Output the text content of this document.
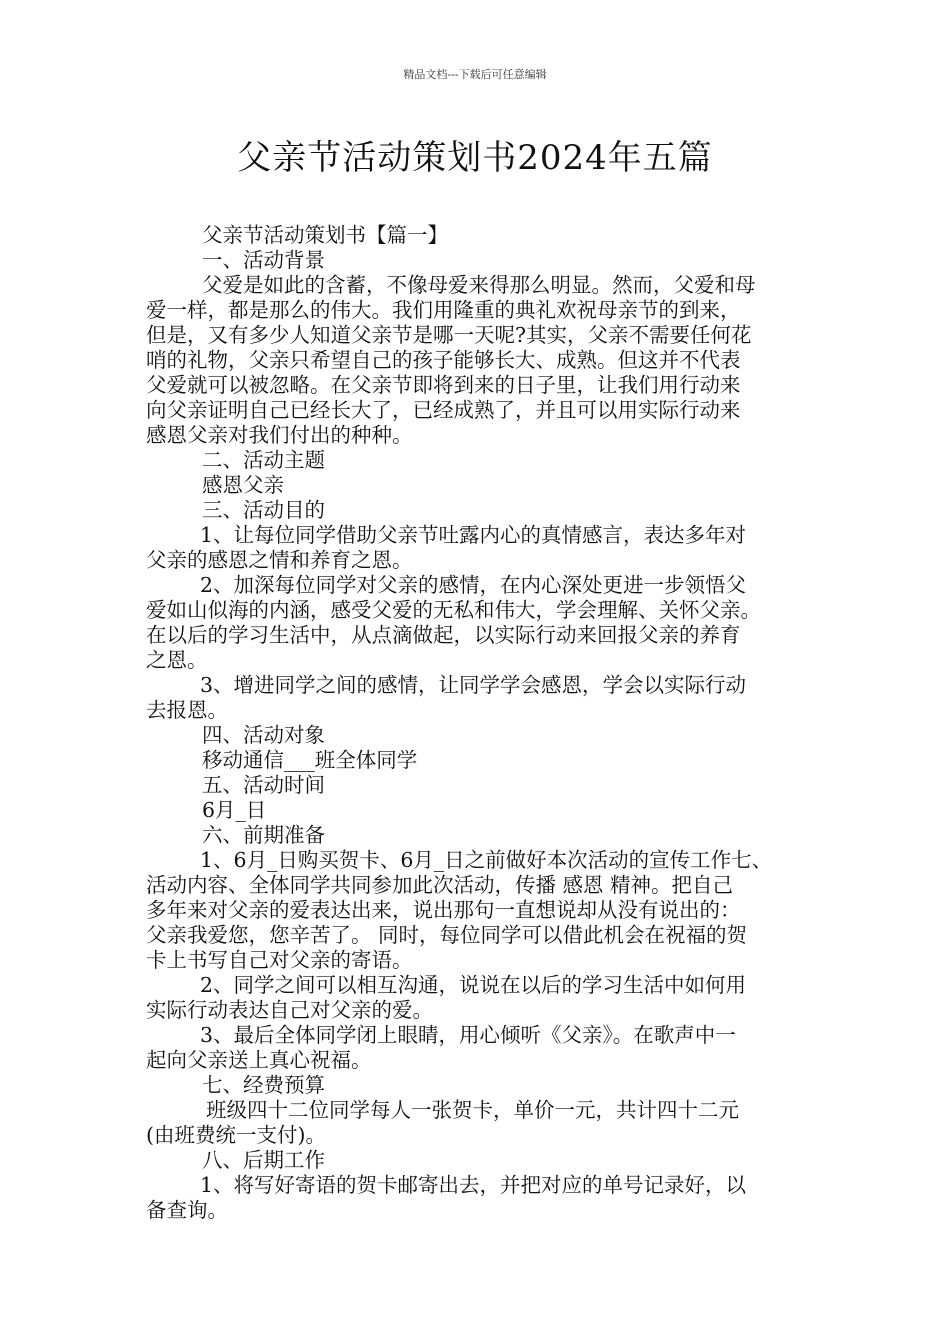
精品文档---下载后可任意编辑
父亲节活动策划书2024年五篇
父亲节活动策划书【篇一】
一、活动背景
父爱是如此的含蓄，不像母爱来得那么明显。然而，父爱和母
爱一样，都是那么的伟大。我们用隆重的典礼欢祝母亲节的到来，
但是，又有多少人知道父亲节是哪一天呢?其实，父亲不需要任何花
哨的礼物，父亲只希望自己的孩子能够长大、成熟。但这并不代表
父爱就可以被忽略。在父亲节即将到来的日子里，让我们用行动来
向父亲证明自己已经长大了，已经成熟了，并且可以用实际行动来
感恩父亲对我们付出的种种。
二、活动主题
感恩父亲
三、活动目的
1、让每位同学借助父亲节吐露内心的真情感言，表达多年对
父亲的感恩之情和养育之恩。
2、加深每位同学对父亲的感情，在内心深处更进一步领悟父
爱如山似海的内涵，感受父爱的无私和伟大，学会理解、关怀父亲。
在以后的学习生活中，从点滴做起，以实际行动来回报父亲的养育
之恩。
3、增进同学之间的感情，让同学学会感恩，学会以实际行动
去报恩。
四、活动对象
移动通信___班全体同学
五、活动时间
6月_日
六、前期准备
1、6月_日购买贺卡、6月_日之前做好本次活动的宣传工作七、
活动内容、全体同学共同参加此次活动，传播 感恩 精神。把自己
多年来对父亲的爱表达出来，说出那句一直想说却从没有说出的：
父亲我爱您，您辛苦了。 同时，每位同学可以借此机会在祝福的贺
卡上书写自己对父亲的寄语。
2、同学之间可以相互沟通，说说在以后的学习生活中如何用
实际行动表达自己对父亲的爱。
3、最后全体同学闭上眼睛，用心倾听《父亲》。在歌声中一
起向父亲送上真心祝福。
七、经费预算
班级四十二位同学每人一张贺卡，单价一元，共计四十二元
(由班费统一支付)。
八、后期工作
1、将写好寄语的贺卡邮寄出去，并把对应的单号记录好，以
备查询。
